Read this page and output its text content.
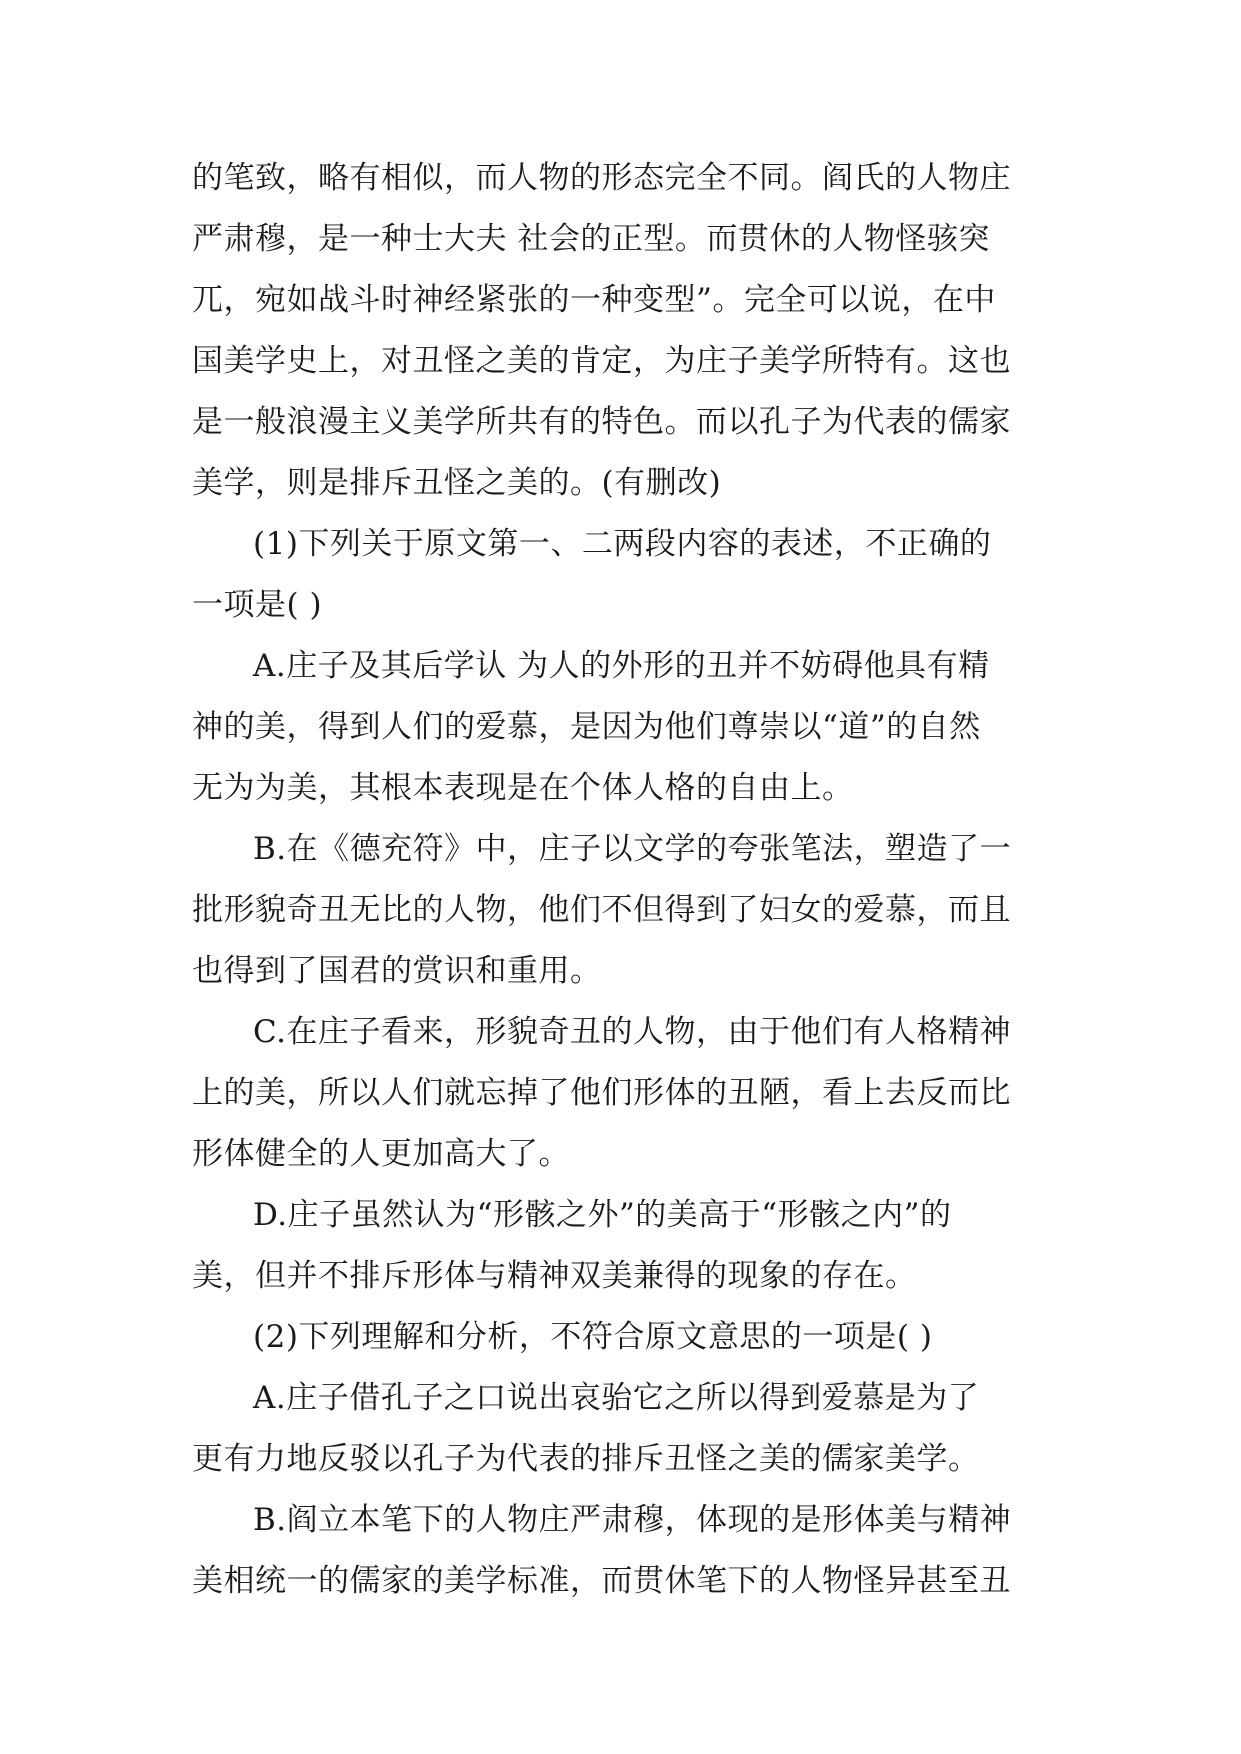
的笔致，略有相似，而人物的形态完全不同。阎氏的人物庄
严肃穆，是一种士大夫 社会的正型。而贯休的人物怪骇突
兀，宛如战斗时神经紧张的一种变型”。完全可以说，在中
国美学史上，对丑怪之美的肯定，为庄子美学所特有。这也
是一般浪漫主义美学所共有的特色。而以孔子为代表的儒家
美学，则是排斥丑怪之美的。(有删改)
(1)下列关于原文第一、二两段内容的表述，不正确的
一项是( )
A.庄子及其后学认 为人的外形的丑并不妨碍他具有精
神的美，得到人们的爱慕，是因为他们尊崇以“道”的自然
无为为美，其根本表现是在个体人格的自由上。
B.在《德充符》中，庄子以文学的夸张笔法，塑造了一
批形貌奇丑无比的人物，他们不但得到了妇女的爱慕，而且
也得到了国君的赏识和重用。
C.在庄子看来，形貌奇丑的人物，由于他们有人格精神
上的美，所以人们就忘掉了他们形体的丑陋，看上去反而比
形体健全的人更加高大了。
D.庄子虽然认为“形骸之外”的美高于“形骸之内”的
美，但并不排斥形体与精神双美兼得的现象的存在。
(2)下列理解和分析，不符合原文意思的一项是( )
A.庄子借孔子之口说出哀骀它之所以得到爱慕是为了
更有力地反驳以孔子为代表的排斥丑怪之美的儒家美学。
B.阎立本笔下的人物庄严肃穆，体现的是形体美与精神
美相统一的儒家的美学标准，而贯休笔下的人物怪异甚至丑
